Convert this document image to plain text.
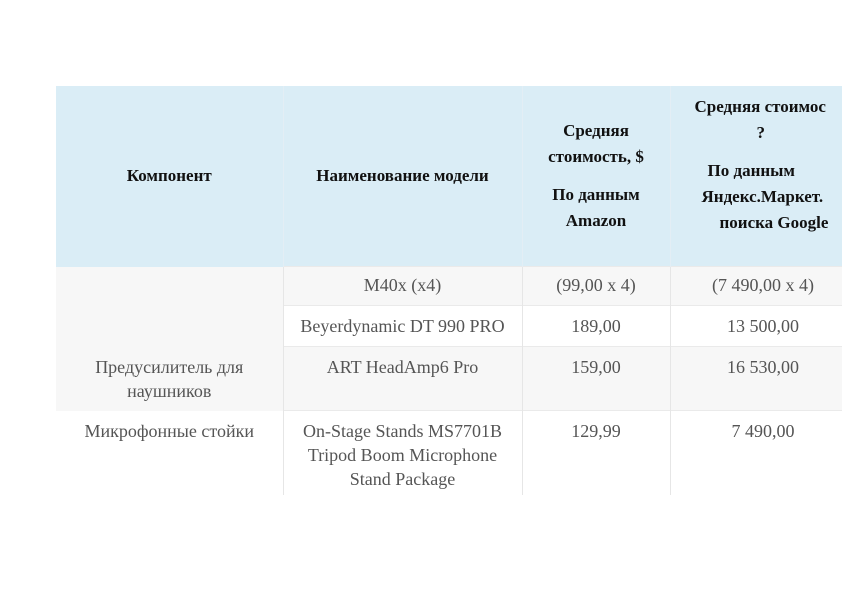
Компонент	Наименование модели	Средняя
стоимость, $
По данным
Amazon	Средняя стоимос
?
По данным
Яндекс.Маркет.
поиска Google

	M40x (x4)	(99,00 x 4)	(7 490,00 x 4)
	Beyerdynamic DT 990 PRO	189,00	13 500,00
Предусилитель для наушников	ART HeadAmp6 Pro	159,00	16 530,00
Микрофонные стойки	On-Stage Stands MS7701B Tripod Boom Microphone Stand Package	129,99	7 490,00
